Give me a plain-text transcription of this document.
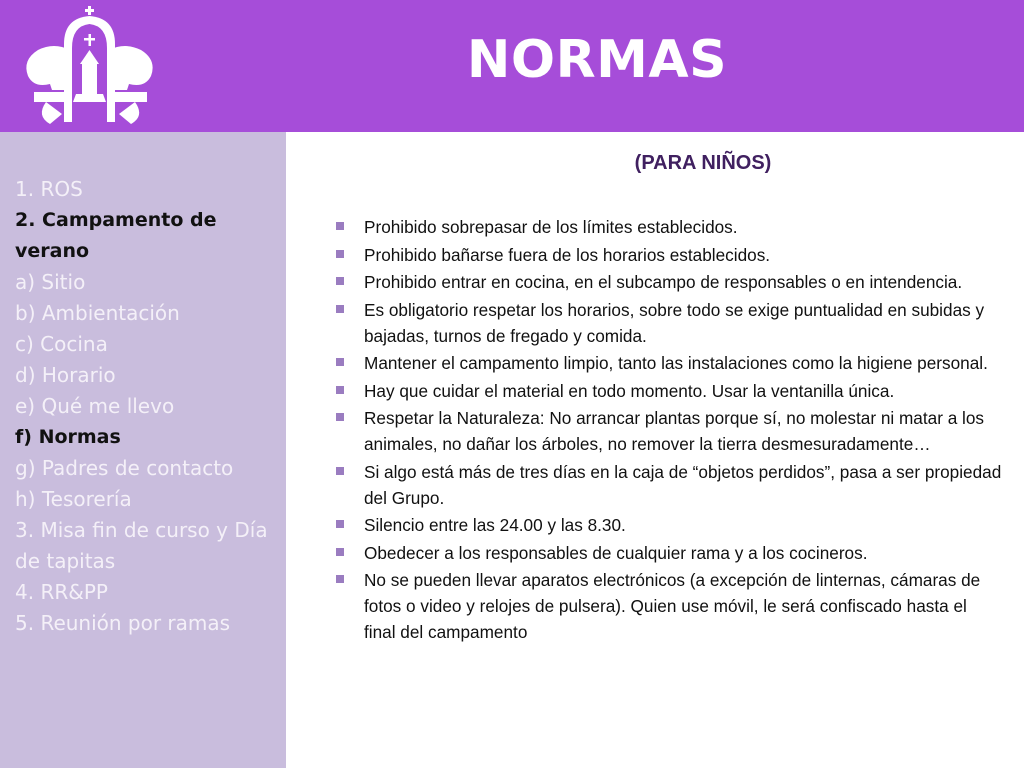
NORMAS
1. ROS
2. Campamento de verano
a) Sitio
b) Ambientación
c) Cocina
d) Horario
e) Qué me llevo
f) Normas
g) Padres de contacto
h) Tesorería
3. Misa fin de curso y Día de tapitas
4. RR&PP
5. Reunión por ramas
(PARA NIÑOS)
Prohibido sobrepasar de los límites establecidos.
Prohibido bañarse fuera de los horarios establecidos.
Prohibido entrar en cocina, en el subcampo de responsables o en intendencia.
Es obligatorio respetar los horarios, sobre todo se exige puntualidad en subidas y bajadas, turnos de fregado y comida.
Mantener el campamento limpio, tanto las instalaciones como la higiene personal.
Hay que cuidar el material en todo momento. Usar la ventanilla única.
Respetar la Naturaleza: No arrancar plantas porque sí, no molestar ni matar a los animales, no dañar los árboles, no remover la tierra desmesuradamente…
Si algo está más de tres días en la caja de “objetos perdidos”, pasa a ser propiedad del Grupo.
Silencio entre las 24.00 y las 8.30.
Obedecer a los responsables de cualquier rama y a los cocineros.
No se pueden llevar aparatos electrónicos (a excepción de linternas, cámaras de fotos o video y relojes de pulsera). Quien use móvil, le será confiscado hasta el final del campamento
